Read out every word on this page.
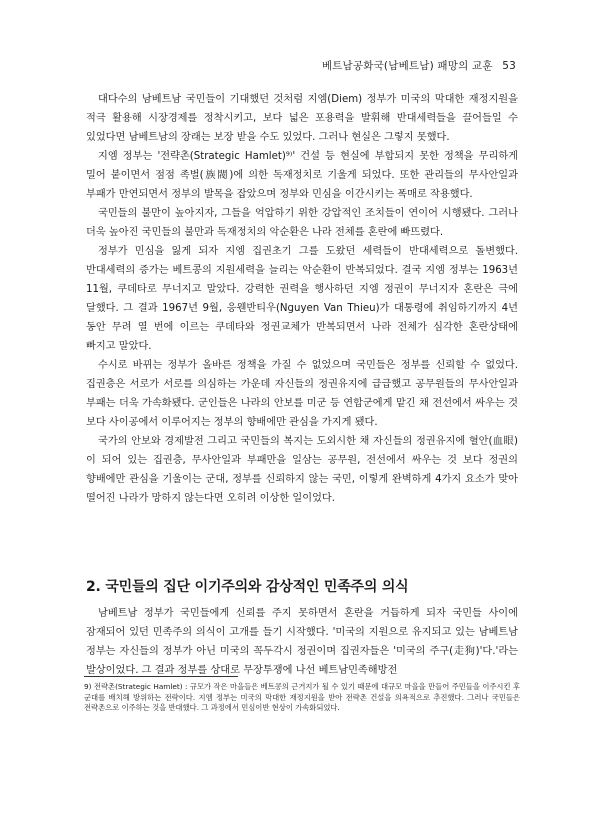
베트남공화국(남베트남) 패망의 교훈 53

대다수의 남베트남 국민들이 기대했던 것처럼 지엠(Diem) 정부가 미국의 막대한 재정지원을 적극 활용해 시장경제를 정착시키고, 보다 넓은 포용력을 발휘해 반대세력들을 끌어들일 수 있었다면 남베트남의 장래는 보장 받을 수도 있었다. 그러나 현실은 그렇지 못했다.

지엠 정부는 '전략촌(Strategic Hamlet)⁹⁾' 건설 등 현실에 부합되지 못한 정책을 무리하게 밀어 붙이면서 점점 족벌(族閥)에 의한 독재정치로 기울게 되었다. 또한 관리들의 무사안일과 부패가 만연되면서 정부의 발목을 잡았으며 정부와 민심을 이간시키는 폭매로 작용했다.

국민들의 불만이 높아지자, 그들을 억압하기 위한 강압적인 조치들이 연이어 시행됐다. 그러나 더욱 높아진 국민들의 불만과 독재정치의 악순환은 나라 전체를 혼란에 빠뜨렸다.

정부가 민심을 잃게 되자 지엠 집권초기 그를 도왔던 세력들이 반대세력으로 돌변했다. 반대세력의 증가는 베트콩의 지원세력을 늘리는 악순환이 반복되었다. 결국 지엠 정부는 1963년 11월, 쿠데타로 무너지고 말았다. 강력한 권력을 행사하던 지엠 정권이 무너지자 혼란은 극에 달했다. 그 결과 1967년 9월, 응웬반티우(Nguyen Van Thieu)가 대통령에 취임하기까지 4년 동안 무려 열 번에 이르는 쿠데타와 정권교체가 반복되면서 나라 전체가 심각한 혼란상태에 빠지고 말았다.

수시로 바뀌는 정부가 올바른 정책을 가질 수 없었으며 국민들은 정부를 신뢰할 수 없었다. 집권층은 서로가 서로를 의심하는 가운데 자신들의 정권유지에 급급했고 공무원들의 무사안일과 부패는 더욱 가속화됐다. 군인들은 나라의 안보를 미군 등 연합군에게 맡긴 채 전선에서 싸우는 것 보다 사이공에서 이루어지는 정부의 향배에만 관심을 가지게 됐다.

국가의 안보와 경제발전 그리고 국민들의 복지는 도외시한 채 자신들의 정권유지에 혈안(血眼)이 되어 있는 집권층, 무사안일과 부패만을 일삼는 공무원, 전선에서 싸우는 것 보다 정권의 향배에만 관심을 기울이는 군대, 정부를 신뢰하지 않는 국민, 이렇게 완벽하게 4가지 요소가 맞아 떨어진 나라가 망하지 않는다면 오히려 이상한 일이었다.

2. 국민들의 집단 이기주의와 감상적인 민족주의 의식

남베트남 정부가 국민들에게 신뢰를 주지 못하면서 혼란을 거듭하게 되자 국민들 사이에 잠재되어 있던 민족주의 의식이 고개를 들기 시작했다. '미국의 지원으로 유지되고 있는 남베트남 정부는 자신들의 정부가 아닌 미국의 꼭두각시 정권이며 집권자들은 '미국의 주구(走狗)'다.'라는 발상이었다. 그 결과 정부를 상대로 무장투쟁에 나선 베트남민족해방전

9) 전략촌(Strategic Hamlet) : 규모가 작은 마을들은 베트콩의 근거지가 될 수 있기 때문에 대규모 마을을 만들어 주민들을 이주시킨 후 군대를 배치해 방위하는 전략이다. 지엠 정부는 미국의 막대한 재정지원을 받아 전략촌 건설을 의욕적으로 추진했다. 그러나 국민들은 전략촌으로 이주하는 것을 반대했다. 그 과정에서 민심이반 현상이 가속화되었다.
